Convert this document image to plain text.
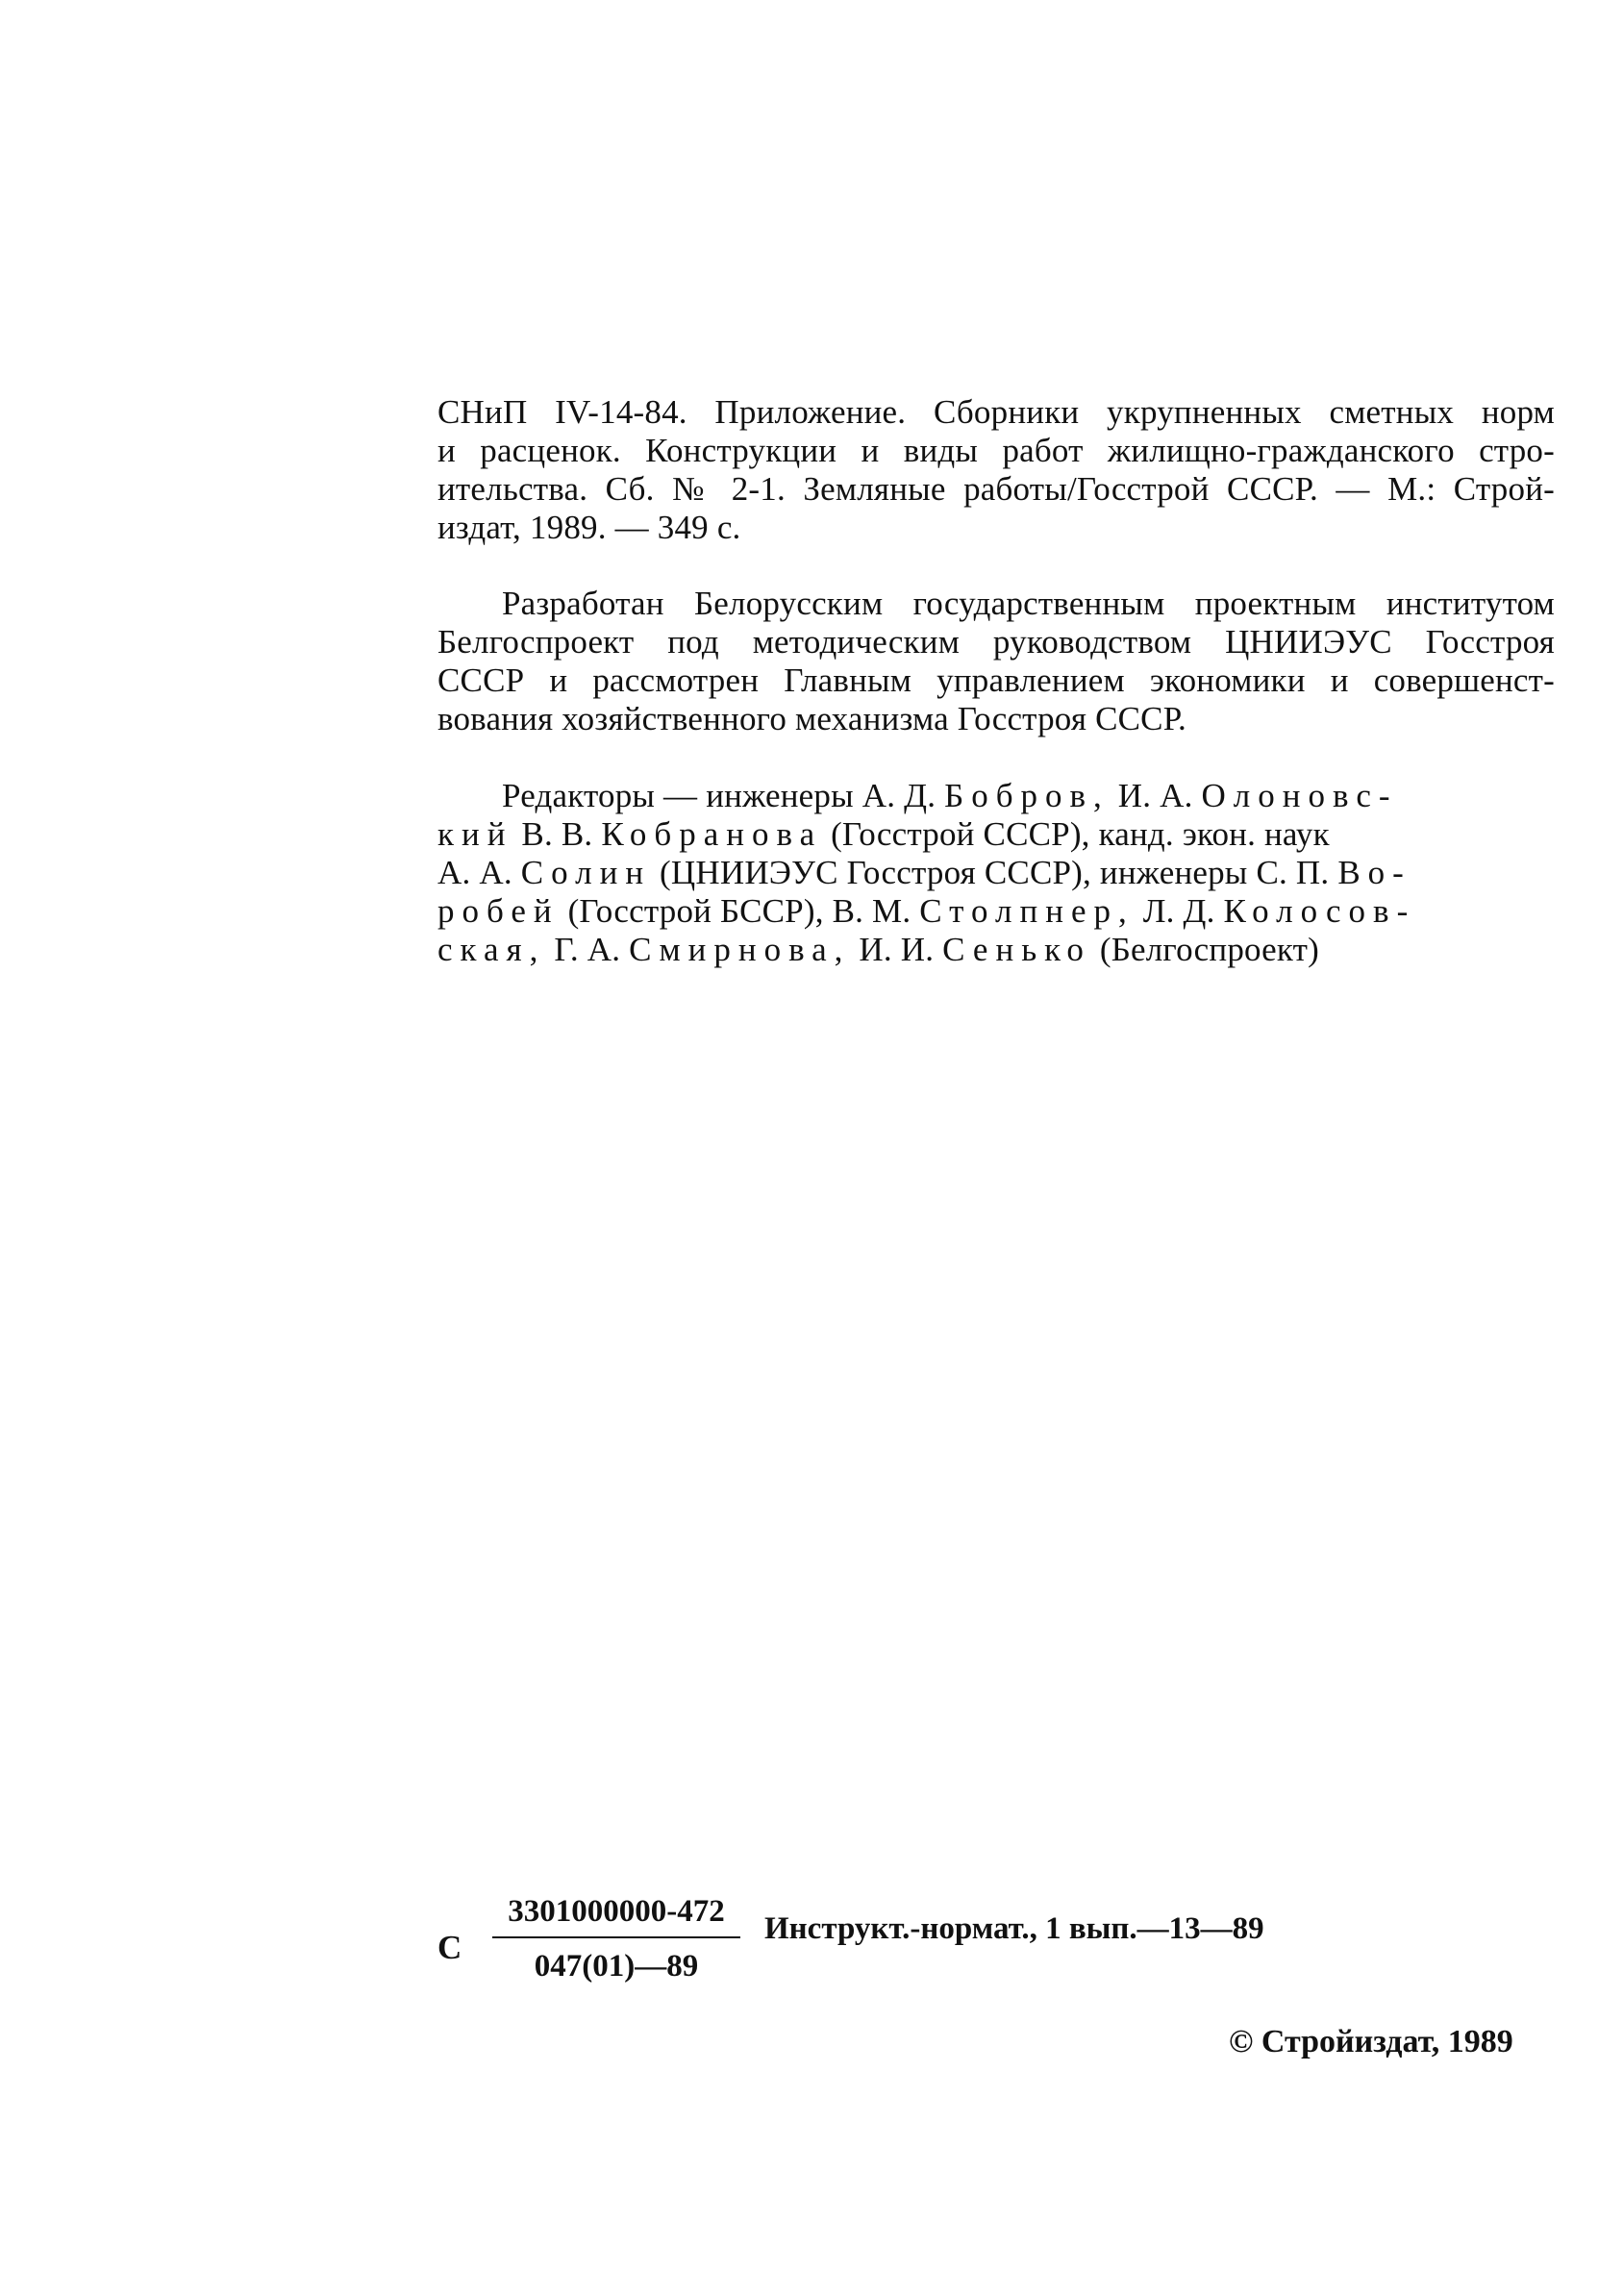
СНиП IV-14-84. Приложение. Сборники укрупненных сметных норм
и расценок. Конструкции и виды работ жилищно-гражданского стро-
ительства. Сб. № 2-1. Земляные работы/Госстрой СССР. — М.: Строй-
издат, 1989. — 349 с.
Разработан Белорусским государственным проектным институтом
Белгоспроект под методическим руководством ЦНИИЭУС Госстроя
СССР и рассмотрен Главным управлением экономики и совершенст-
вования хозяйственного механизма Госстроя СССР.
Редакторы — инженеры А. Д. Бобров, И. А. Олоновс-
кий В. В. Кобранова (Госстрой СССР), канд. экон. наук
А. А. Солин (ЦНИИЭУС Госстроя СССР), инженеры С. П. Во-
робей (Госстрой БССР), В. М. Столпнер, Л. Д. Колосов-
ская, Г. А. Смирнова, И. И. Сенько (Белгоспроект)
С
3301000000-472
047(01)—89
Инструкт.-нормат., 1 вып.—13—89
© Стройиздат, 1989
